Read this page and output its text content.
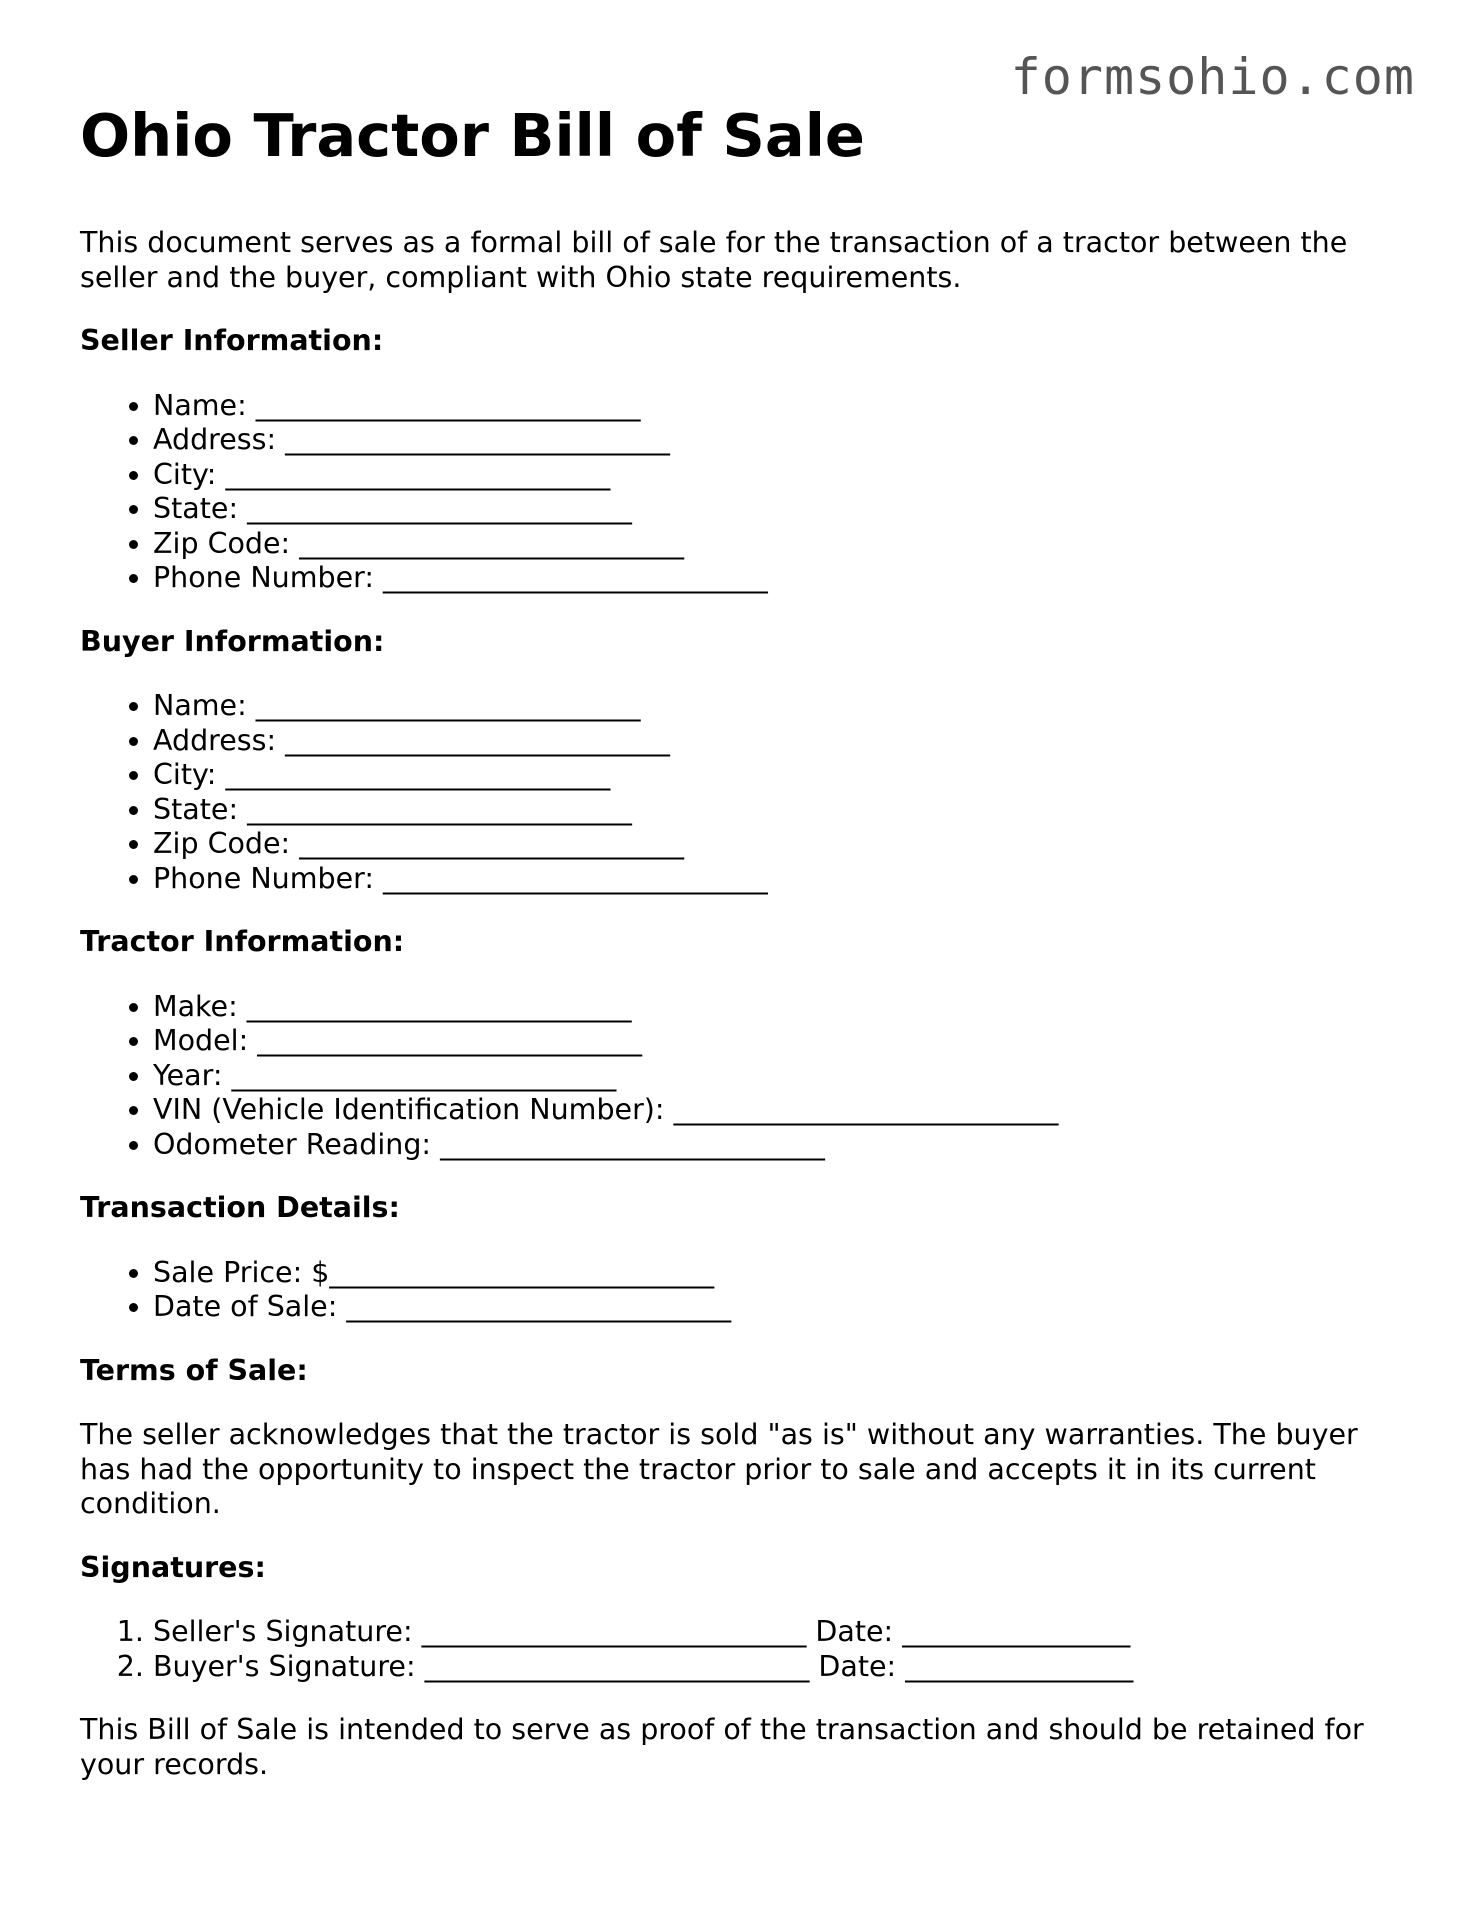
formsohio.com
Ohio Tractor Bill of Sale

This document serves as a formal bill of sale for the transaction of a tractor between the seller and the buyer, compliant with Ohio state requirements.

Seller Information:
• Name: ___________________________
• Address: ___________________________
• City: ___________________________
• State: ___________________________
• Zip Code: ___________________________
• Phone Number: ___________________________
Buyer Information:
• Name: ___________________________
• Address: ___________________________
• City: ___________________________
• State: ___________________________
• Zip Code: ___________________________
• Phone Number: ___________________________
Tractor Information:
• Make: ___________________________
• Model: ___________________________
• Year: ___________________________
• VIN (Vehicle Identification Number): ___________________________
• Odometer Reading: ___________________________
Transaction Details:
• Sale Price: $___________________________
• Date of Sale: ___________________________
Terms of Sale:

The seller acknowledges that the tractor is sold "as is" without any warranties. The buyer has had the opportunity to inspect the tractor prior to sale and accepts it in its current condition.

Signatures:
1. Seller's Signature: ___________________________ Date: ________________
2. Buyer's Signature: ___________________________ Date: ________________

This Bill of Sale is intended to serve as proof of the transaction and should be retained for your records.
